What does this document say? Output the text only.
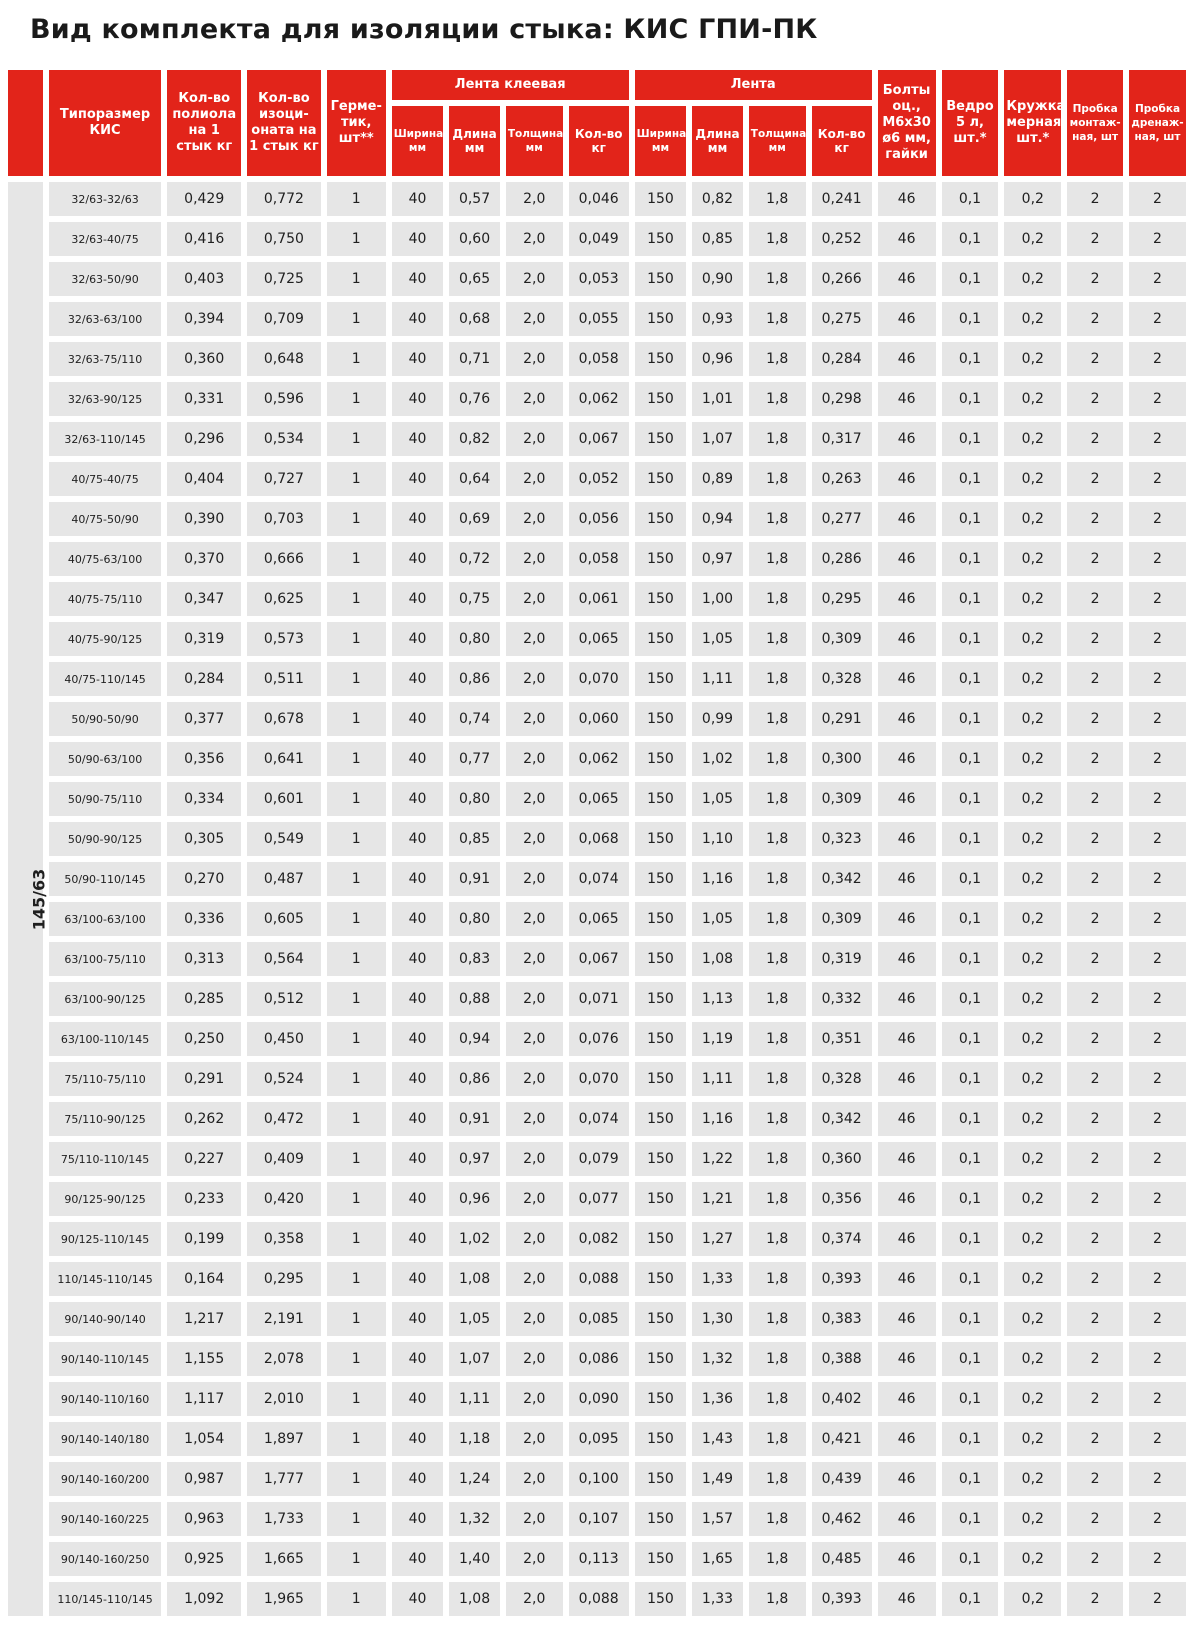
Вид комплекта для изоляции стыка: КИС ГПИ-ПК
	Типоразмер КИС	Кол-во полиола на 1 стык кг	Кол-во изоци-оната на 1 стык кг	Герме-тик, шт**	Лента клеевая				Лента				Болты оц., М6х30 ø6 мм, гайки	Ведро 5 л, шт.*	Кружка мерная, шт.*	Пробка монтаж-ная, шт	Пробка дренаж-ная, шт
					Ширина мм	Длина мм	Толщина мм	Кол-во кг	Ширина мм	Длина мм	Толщина мм	Кол-во кг					
145/63	32/63-32/63	0,429	0,772	1	40	0,57	2,0	0,046	150	0,82	1,8	0,241	46	0,1	0,2	2	2
	32/63-40/75	0,416	0,750	1	40	0,60	2,0	0,049	150	0,85	1,8	0,252	46	0,1	0,2	2	2
	32/63-50/90	0,403	0,725	1	40	0,65	2,0	0,053	150	0,90	1,8	0,266	46	0,1	0,2	2	2
	32/63-63/100	0,394	0,709	1	40	0,68	2,0	0,055	150	0,93	1,8	0,275	46	0,1	0,2	2	2
	32/63-75/110	0,360	0,648	1	40	0,71	2,0	0,058	150	0,96	1,8	0,284	46	0,1	0,2	2	2
	32/63-90/125	0,331	0,596	1	40	0,76	2,0	0,062	150	1,01	1,8	0,298	46	0,1	0,2	2	2
	32/63-110/145	0,296	0,534	1	40	0,82	2,0	0,067	150	1,07	1,8	0,317	46	0,1	0,2	2	2
	40/75-40/75	0,404	0,727	1	40	0,64	2,0	0,052	150	0,89	1,8	0,263	46	0,1	0,2	2	2
	40/75-50/90	0,390	0,703	1	40	0,69	2,0	0,056	150	0,94	1,8	0,277	46	0,1	0,2	2	2
	40/75-63/100	0,370	0,666	1	40	0,72	2,0	0,058	150	0,97	1,8	0,286	46	0,1	0,2	2	2
	40/75-75/110	0,347	0,625	1	40	0,75	2,0	0,061	150	1,00	1,8	0,295	46	0,1	0,2	2	2
	40/75-90/125	0,319	0,573	1	40	0,80	2,0	0,065	150	1,05	1,8	0,309	46	0,1	0,2	2	2
	40/75-110/145	0,284	0,511	1	40	0,86	2,0	0,070	150	1,11	1,8	0,328	46	0,1	0,2	2	2
	50/90-50/90	0,377	0,678	1	40	0,74	2,0	0,060	150	0,99	1,8	0,291	46	0,1	0,2	2	2
	50/90-63/100	0,356	0,641	1	40	0,77	2,0	0,062	150	1,02	1,8	0,300	46	0,1	0,2	2	2
	50/90-75/110	0,334	0,601	1	40	0,80	2,0	0,065	150	1,05	1,8	0,309	46	0,1	0,2	2	2
	50/90-90/125	0,305	0,549	1	40	0,85	2,0	0,068	150	1,10	1,8	0,323	46	0,1	0,2	2	2
	50/90-110/145	0,270	0,487	1	40	0,91	2,0	0,074	150	1,16	1,8	0,342	46	0,1	0,2	2	2
	63/100-63/100	0,336	0,605	1	40	0,80	2,0	0,065	150	1,05	1,8	0,309	46	0,1	0,2	2	2
	63/100-75/110	0,313	0,564	1	40	0,83	2,0	0,067	150	1,08	1,8	0,319	46	0,1	0,2	2	2
	63/100-90/125	0,285	0,512	1	40	0,88	2,0	0,071	150	1,13	1,8	0,332	46	0,1	0,2	2	2
	63/100-110/145	0,250	0,450	1	40	0,94	2,0	0,076	150	1,19	1,8	0,351	46	0,1	0,2	2	2
	75/110-75/110	0,291	0,524	1	40	0,86	2,0	0,070	150	1,11	1,8	0,328	46	0,1	0,2	2	2
	75/110-90/125	0,262	0,472	1	40	0,91	2,0	0,074	150	1,16	1,8	0,342	46	0,1	0,2	2	2
	75/110-110/145	0,227	0,409	1	40	0,97	2,0	0,079	150	1,22	1,8	0,360	46	0,1	0,2	2	2
	90/125-90/125	0,233	0,420	1	40	0,96	2,0	0,077	150	1,21	1,8	0,356	46	0,1	0,2	2	2
	90/125-110/145	0,199	0,358	1	40	1,02	2,0	0,082	150	1,27	1,8	0,374	46	0,1	0,2	2	2
	110/145-110/145	0,164	0,295	1	40	1,08	2,0	0,088	150	1,33	1,8	0,393	46	0,1	0,2	2	2
	90/140-90/140	1,217	2,191	1	40	1,05	2,0	0,085	150	1,30	1,8	0,383	46	0,1	0,2	2	2
	90/140-110/145	1,155	2,078	1	40	1,07	2,0	0,086	150	1,32	1,8	0,388	46	0,1	0,2	2	2
	90/140-110/160	1,117	2,010	1	40	1,11	2,0	0,090	150	1,36	1,8	0,402	46	0,1	0,2	2	2
	90/140-140/180	1,054	1,897	1	40	1,18	2,0	0,095	150	1,43	1,8	0,421	46	0,1	0,2	2	2
	90/140-160/200	0,987	1,777	1	40	1,24	2,0	0,100	150	1,49	1,8	0,439	46	0,1	0,2	2	2
	90/140-160/225	0,963	1,733	1	40	1,32	2,0	0,107	150	1,57	1,8	0,462	46	0,1	0,2	2	2
	90/140-160/250	0,925	1,665	1	40	1,40	2,0	0,113	150	1,65	1,8	0,485	46	0,1	0,2	2	2
	110/145-110/145	1,092	1,965	1	40	1,08	2,0	0,088	150	1,33	1,8	0,393	46	0,1	0,2	2	2
